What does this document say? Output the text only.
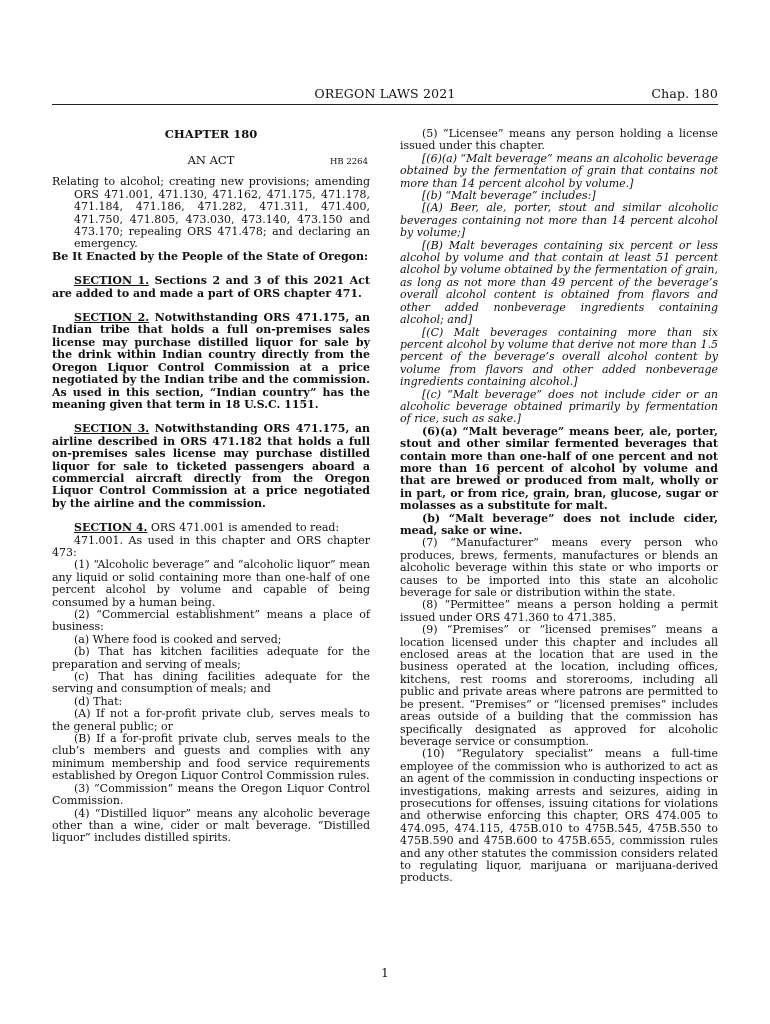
OREGON LAWS 2021	Chap. 180

CHAPTER 180

AN ACT	HB 2264

Relating to alcohol; creating new provisions; amending ORS 471.001, 471.130, 471.162, 471.175, 471.178, 471.184, 471.186, 471.282, 471.311, 471.400, 471.750, 471.805, 473.030, 473.140, 473.150 and 473.170; repealing ORS 471.478; and declaring an emergency.

Be It Enacted by the People of the State of Oregon:

SECTION 1. Sections 2 and 3 of this 2021 Act are added to and made a part of ORS chapter 471.

SECTION 2. Notwithstanding ORS 471.175, an Indian tribe that holds a full on-premises sales license may purchase distilled liquor for sale by the drink within Indian country directly from the Oregon Liquor Control Commission at a price negotiated by the Indian tribe and the commission. As used in this section, “Indian country” has the meaning given that term in 18 U.S.C. 1151.

SECTION 3. Notwithstanding ORS 471.175, an airline described in ORS 471.182 that holds a full on-premises sales license may purchase distilled liquor for sale to ticketed passengers aboard a commercial aircraft directly from the Oregon Liquor Control Commission at a price negotiated by the airline and the commission.

SECTION 4. ORS 471.001 is amended to read:

471.001. As used in this chapter and ORS chapter 473:

(1) “Alcoholic beverage” and “alcoholic liquor” mean any liquid or solid containing more than one-half of one percent alcohol by volume and capable of being consumed by a human being.

(2) “Commercial establishment” means a place of business:

(a) Where food is cooked and served;

(b) That has kitchen facilities adequate for the preparation and serving of meals;

(c) That has dining facilities adequate for the serving and consumption of meals; and

(d) That:

(A) If not a for-profit private club, serves meals to the general public; or

(B) If a for-profit private club, serves meals to the club’s members and guests and complies with any minimum membership and food service requirements established by Oregon Liquor Control Commission rules.

(3) “Commission” means the Oregon Liquor Control Commission.

(4) “Distilled liquor” means any alcoholic beverage other than a wine, cider or malt beverage. “Distilled liquor” includes distilled spirits.

(5) “Licensee” means any person holding a license issued under this chapter.

[(6)(a) “Malt beverage” means an alcoholic beverage obtained by the fermentation of grain that contains not more than 14 percent alcohol by volume.]

[(b) “Malt beverage” includes:]

[(A) Beer, ale, porter, stout and similar alcoholic beverages containing not more than 14 percent alcohol by volume;]

[(B) Malt beverages containing six percent or less alcohol by volume and that contain at least 51 percent alcohol by volume obtained by the fermentation of grain, as long as not more than 49 percent of the beverage’s overall alcohol content is obtained from flavors and other added nonbeverage ingredients containing alcohol; and]

[(C) Malt beverages containing more than six percent alcohol by volume that derive not more than 1.5 percent of the beverage’s overall alcohol content by volume from flavors and other added nonbeverage ingredients containing alcohol.]

[(c) “Malt beverage” does not include cider or an alcoholic beverage obtained primarily by fermentation of rice, such as sake.]

(6)(a) “Malt beverage” means beer, ale, porter, stout and other similar fermented beverages that contain more than one-half of one percent and not more than 16 percent of alcohol by volume and that are brewed or produced from malt, wholly or in part, or from rice, grain, bran, glucose, sugar or molasses as a substitute for malt.

(b) “Malt beverage” does not include cider, mead, sake or wine.

(7) “Manufacturer” means every person who produces, brews, ferments, manufactures or blends an alcoholic beverage within this state or who imports or causes to be imported into this state an alcoholic beverage for sale or distribution within the state.

(8) “Permittee” means a person holding a permit issued under ORS 471.360 to 471.385.

(9) “Premises” or “licensed premises” means a location licensed under this chapter and includes all enclosed areas at the location that are used in the business operated at the location, including offices, kitchens, rest rooms and storerooms, including all public and private areas where patrons are permitted to be present. “Premises” or “licensed premises” includes areas outside of a building that the commission has specifically designated as approved for alcoholic beverage service or consumption.

(10) “Regulatory specialist” means a full-time employee of the commission who is authorized to act as an agent of the commission in conducting inspections or investigations, making arrests and seizures, aiding in prosecutions for offenses, issuing citations for violations and otherwise enforcing this chapter, ORS 474.005 to 474.095, 474.115, 475B.010 to 475B.545, 475B.550 to 475B.590 and 475B.600 to 475B.655, commission rules and any other statutes the commission considers related to regulating liquor, marijuana or marijuana-derived products.

1
